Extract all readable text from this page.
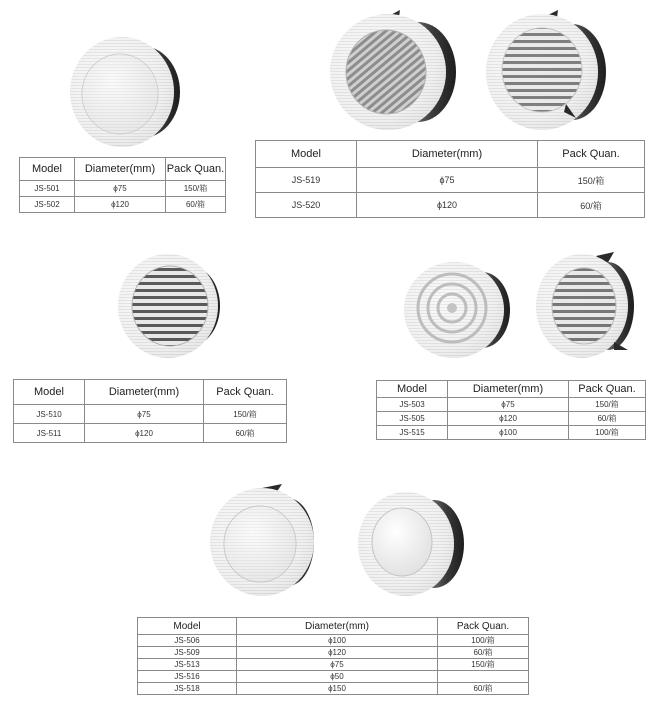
Model	Diameter(mm)	Pack Quan.
JS-501	ϕ75	150/箱
JS-502	ϕ120	60/箱
Model	Diameter(mm)	Pack Quan.
JS-519	ϕ75	150/箱
JS-520	ϕ120	60/箱
Model	Diameter(mm)	Pack Quan.
JS-510	ϕ75	150/箱
JS-511	ϕ120	60/箱
Model	Diameter(mm)	Pack Quan.
JS-503	ϕ75	150/箱
JS-505	ϕ120	60/箱
JS-515	ϕ100	100/箱
Model	Diameter(mm)	Pack Quan.
JS-506	ϕ100	100/箱
JS-509	ϕ120	60/箱
JS-513	ϕ75	150/箱
JS-516	ϕ50	
JS-518	ϕ150	60/箱
